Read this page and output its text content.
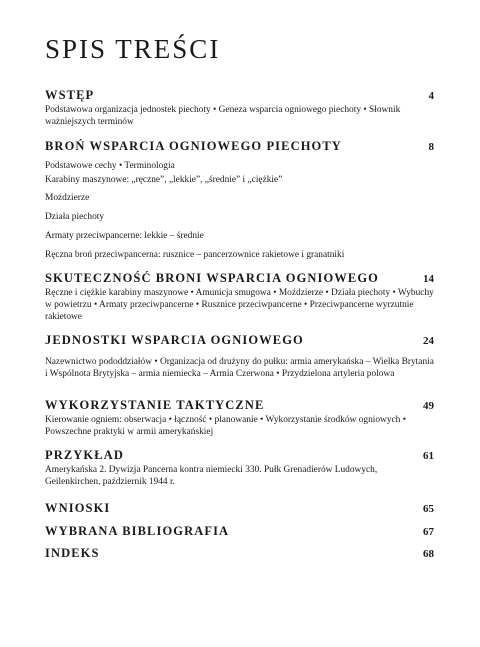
SPIS TREŚCI
WSTĘP	4

Podstawowa organizacja jednostek piechoty • Geneza wsparcia ogniowego piechoty • Słownik ważniejszych terminów

BROŃ WSPARCIA OGNIOWEGO PIECHOTY	8

Podstawowe cechy • Terminologia

Karabiny maszynowe: „ręczne”, „lekkie”, „średnie” i „ciężkie”

Moździerze

Działa piechoty

Armaty przeciwpancerne: lekkie – średnie

Ręczna broń przeciwpancerna: rusznice – pancerzownice rakietowe i granatniki

SKUTECZNOŚĆ BRONI WSPARCIA OGNIOWEGO	14

Ręczne i ciężkie karabiny maszynowe • Amunicja smugowa • Moździerze • Działa piechoty • Wybuchy w powietrzu • Armaty przeciwpancerne • Rusznice przeciwpancerne • Przeciwpancerne wyrzutnie rakietowe

JEDNOSTKI WSPARCIA OGNIOWEGO	24

Nazewnictwo pododdziałów • Organizacja od drużyny do pułku: armia amerykańska – Wielka Brytania i Wspólnota Brytyjska – armia niemiecka – Armia Czerwona • Przydzielona artyleria polowa

WYKORZYSTANIE TAKTYCZNE	49

Kierowanie ogniem: obserwacja • łączność • planowanie • Wykorzystanie środków ogniowych • Powszechne praktyki w armii amerykańskiej

PRZYKŁAD	61

Amerykańska 2. Dywizja Pancerna kontra niemiecki 330. Pułk Grenadierów Ludowych, Geilenkirchen, październik 1944 r.

WNIOSKI	65
WYBRANA BIBLIOGRAFIA	67
INDEKS	68
